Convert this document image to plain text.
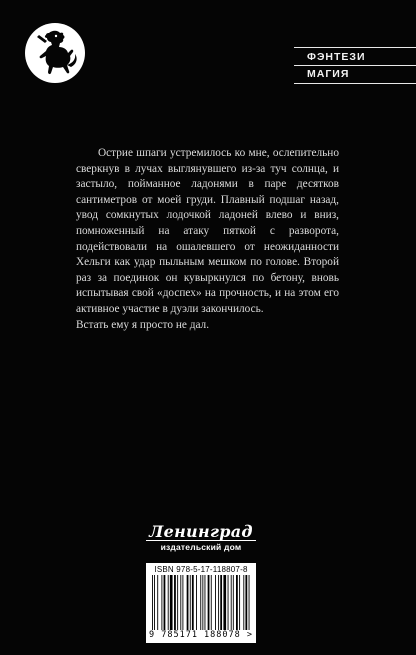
ФЭНТЕЗИ
МАГИЯ

Острие шпаги устремилось ко мне, ослепительно сверкнув в лучах выглянувшего из-за туч солнца, и застыло, пойманное ладонями в паре десятков сантиметров от моей груди. Плавный подшаг назад, увод сомкнутых лодочкой ладоней влево и вниз, помноженный на атаку пяткой с разворота, подействовали на ошалевшего от неожиданности Хельги как удар пыльным мешком по голове. Второй раз за поединок он кувыркнулся по бетону, вновь испытывая свой «доспех» на прочность, и на этом его активное участие в дуэли закончилось.

Встать ему я просто не дал.

Ленинград
издательский дом
ISBN 978-5-17-118807-8
9 785171 188078 >
